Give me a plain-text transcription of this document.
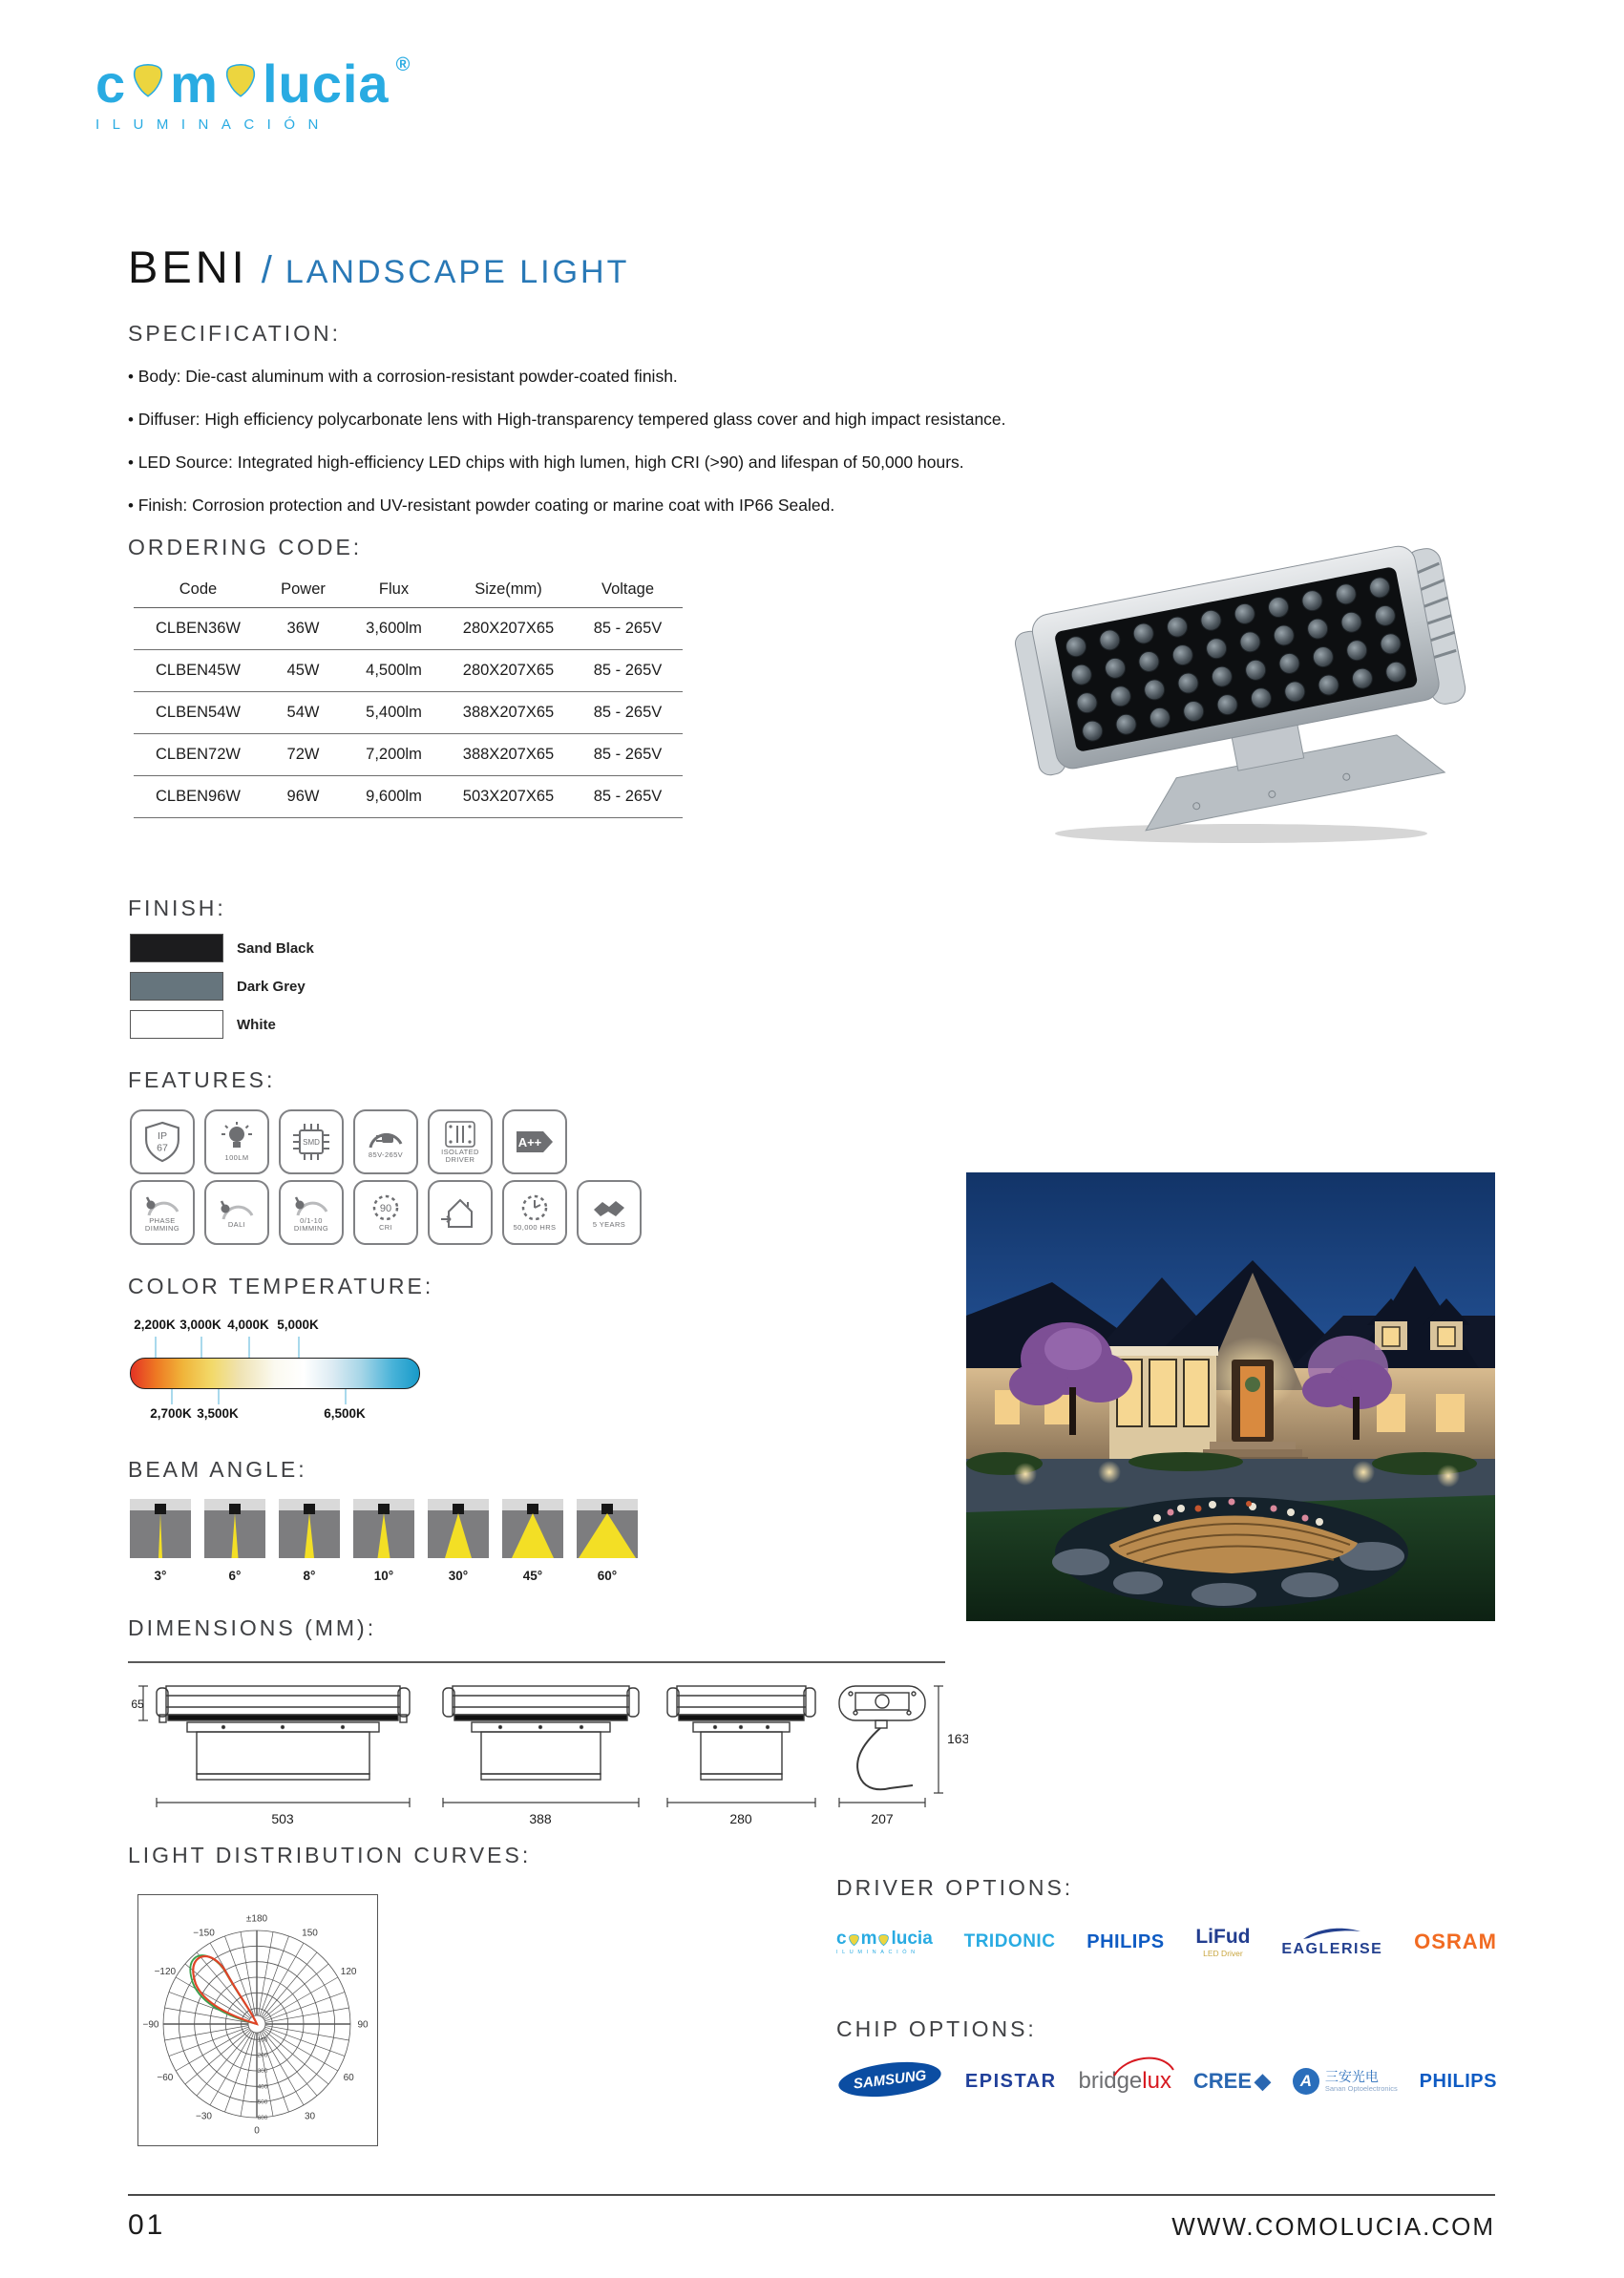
c m lucia ®
ILUMINACIÓN
BENI / LANDSCAPE LIGHT
SPECIFICATION:
• Body: Die-cast aluminum with a corrosion-resistant powder-coated finish.
• Diffuser: High efficiency polycarbonate lens with High-transparency tempered glass cover and high impact resistance.
• LED Source: Integrated high-efficiency LED chips with high lumen, high CRI (>90) and lifespan of 50,000 hours.
• Finish: Corrosion protection and UV-resistant powder coating or marine coat with IP66 Sealed.
ORDERING CODE:
Code	Power	Flux	Size(mm)	Voltage
CLBEN36W	36W	3,600lm	280X207X65	85 - 265V
CLBEN45W	45W	4,500lm	280X207X65	85 - 265V
CLBEN54W	54W	5,400lm	388X207X65	85 - 265V
CLBEN72W	72W	7,200lm	388X207X65	85 - 265V
CLBEN96W	96W	9,600lm	503X207X65	85 - 265V
FINISH:
Sand Black
Dark Grey
White
FEATURES:
IP
67
100LM
SMD
85V-265V	ISOLATED DRIVER
A++
PHASE DIMMING	DALI	0/1-10 DIMMING
90
CRI	50,000 HRS	5 YEARS
COLOR TEMPERATURE:
2,200K 3,000K 4,000K 5,000K
2,700K 3,500K	6,500K
BEAM ANGLE:
3°	6°	8°	10°	30°	45°	60°
DIMENSIONS (MM):
503	388	280	207
65
163
LIGHT DISTRIBUTION CURVES:
0
30
60
90
120
150
±180
−150
−120
−90
−60
−30
100
200
300
400
500
600
DRIVER OPTIONS:
c m lucia
ILUMINACIÓN
TRIDONIC PHILIPS LiFud
LED Driver	EAGLERISE OSRAM
CHIP OPTIONS:
SAMSUNG EPISTAR bridgelux CREE ◆	A 三安光电
Sanan Optoelectronics PHILIPS
01	WWW.COMOLUCIA.COM
